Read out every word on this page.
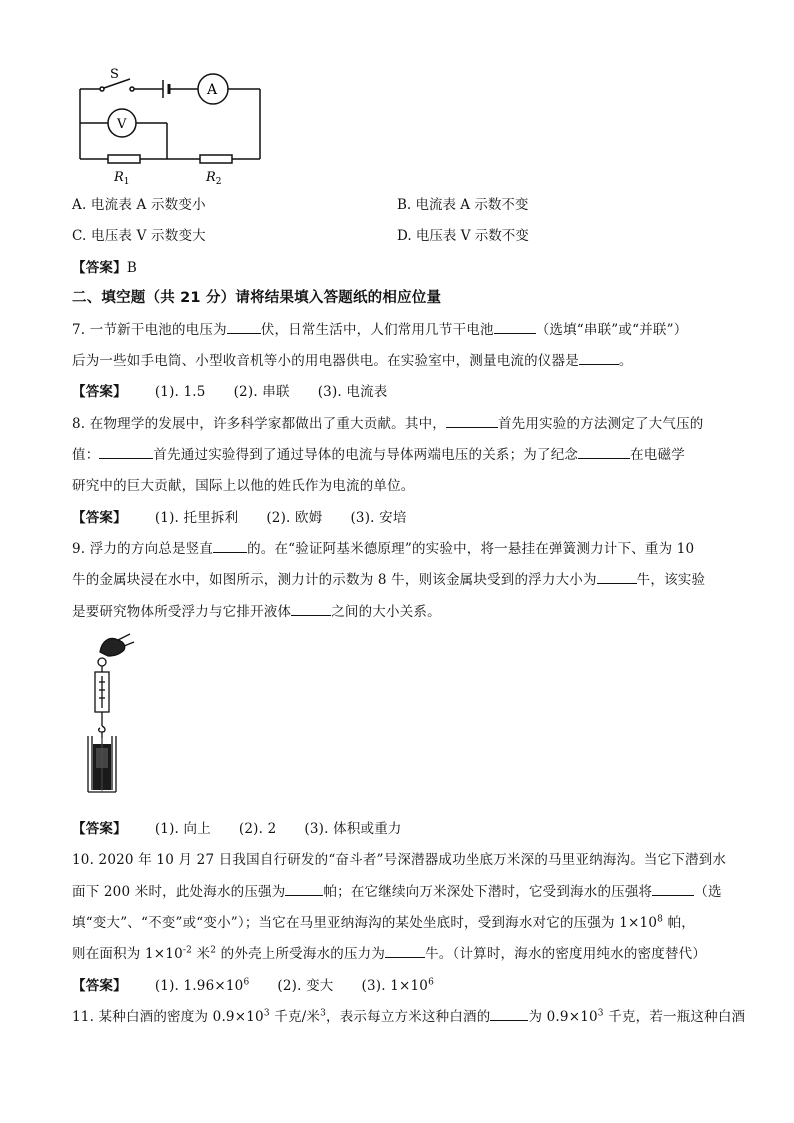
S
A
V
$R_1$	$R_2$
A. 电流表 A 示数变小	B. 电流表 A 示数不变
C. 电压表 V 示数变大	D. 电压表 V 示数不变
【答案】B
二、填空题（共 21 分）请将结果填入答题纸的相应位量
7. 一节新干电池的电压为	伏，日常生活中，人们常用几节干电池	（选填“串联”或“并联”）
后为一些如手电筒、小型收音机等小的用电器供电。在实验室中，测量电流的仪器是	。
【答案】 (1). 1.5 (2). 串联 (3). 电流表
8. 在物理学的发展中，许多科学家都做出了重大贡献。其中，	首先用实验的方法测定了大气压的
值：	首先通过实验得到了通过导体的电流与导体两端电压的关系；为了纪念	在电磁学
研究中的巨大贡献，国际上以他的姓氏作为电流的单位。
【答案】 (1). 托里拆利 (2). 欧姆 (3). 安培
9. 浮力的方向总是竖直	的。在“验证阿基米德原理”的实验中，将一悬挂在弹簧测力计下、重为 10
牛的金属块浸在水中，如图所示，测力计的示数为 8 牛，则该金属块受到的浮力大小为	牛，该实验
是要研究物体所受浮力与它排开液体	之间的大小关系。
【答案】 (1). 向上 (2). 2 (3). 体积或重力
10. 2020 年 10 月 27 日我国自行研发的“奋斗者”号深潜器成功坐底万米深的马里亚纳海沟。当它下潜到水
面下 200 米时，此处海水的压强为	帕；在它继续向万米深处下潜时，它受到海水的压强将	（选
填“变大”、“不变”或“变小”）；当它在马里亚纳海沟的某处坐底时，受到海水对它的压强为 $1\times 10^8$ 帕，
则在面积为 $1\times 10^{-2}$ 米$^2$ 的外壳上所受海水的压力为	牛。（计算时，海水的密度用纯水的密度替代）
【答案】 (1). $1.96\times 10^6$ (2). 变大 (3). $1\times 10^6$
11. 某种白酒的密度为 $0.9\times 10^3$ 千克/米$^3$，表示每立方米这种白酒的	为 $0.9\times 10^3$ 千克，若一瓶这种白酒
